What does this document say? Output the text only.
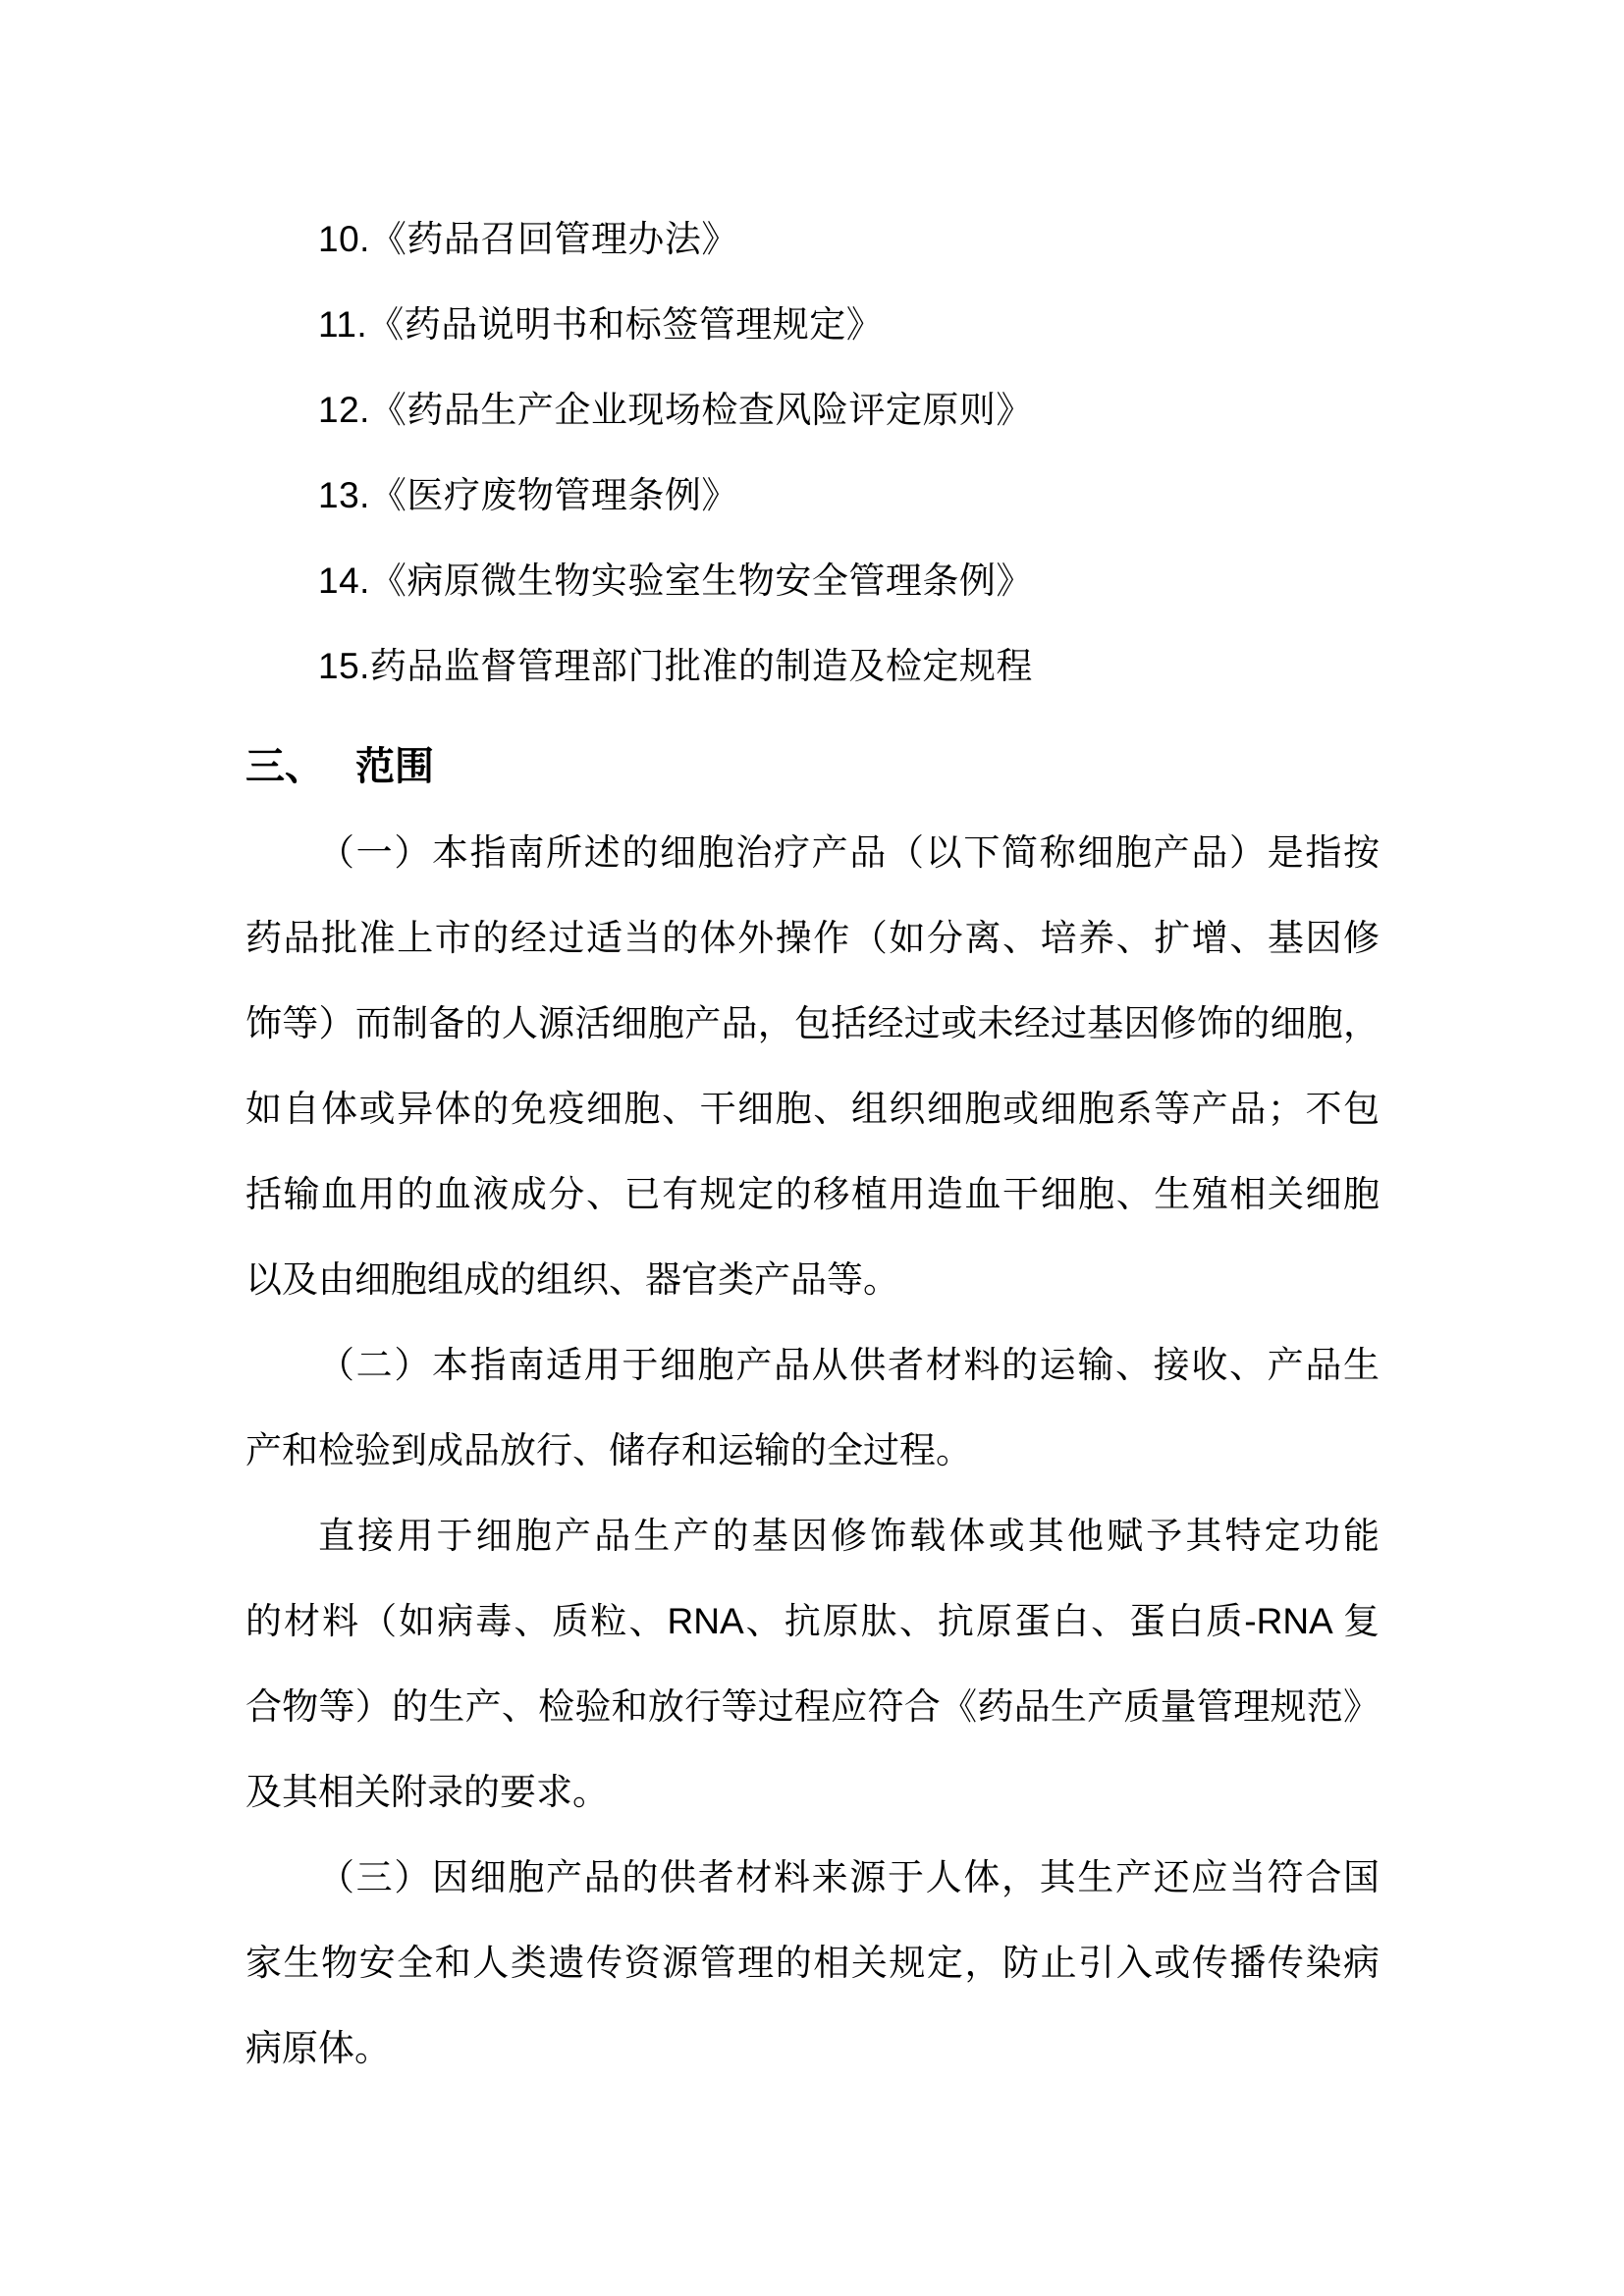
10.《药品召回管理办法》
11.《药品说明书和标签管理规定》
12.《药品生产企业现场检查风险评定原则》
13.《医疗废物管理条例》
14.《病原微生物实验室生物安全管理条例》
15.药品监督管理部门批准的制造及检定规程
三、 范围
（一）本指南所述的细胞治疗产品（以下简称细胞产品）是指按
药品批准上市的经过适当的体外操作（如分离、培养、扩增、基因修
饰等）而制备的人源活细胞产品，包括经过或未经过基因修饰的细胞，
如自体或异体的免疫细胞、干细胞、组织细胞或细胞系等产品；不包
括输血用的血液成分、已有规定的移植用造血干细胞、生殖相关细胞
以及由细胞组成的组织、器官类产品等。
（二）本指南适用于细胞产品从供者材料的运输、接收、产品生
产和检验到成品放行、储存和运输的全过程。
直接用于细胞产品生产的基因修饰载体或其他赋予其特定功能
的材料（如病毒、质粒、RNA、抗原肽、抗原蛋白、蛋白质-RNA 复
合物等）的生产、检验和放行等过程应符合《药品生产质量管理规范》
及其相关附录的要求。
（三）因细胞产品的供者材料来源于人体，其生产还应当符合国
家生物安全和人类遗传资源管理的相关规定，防止引入或传播传染病
病原体。
